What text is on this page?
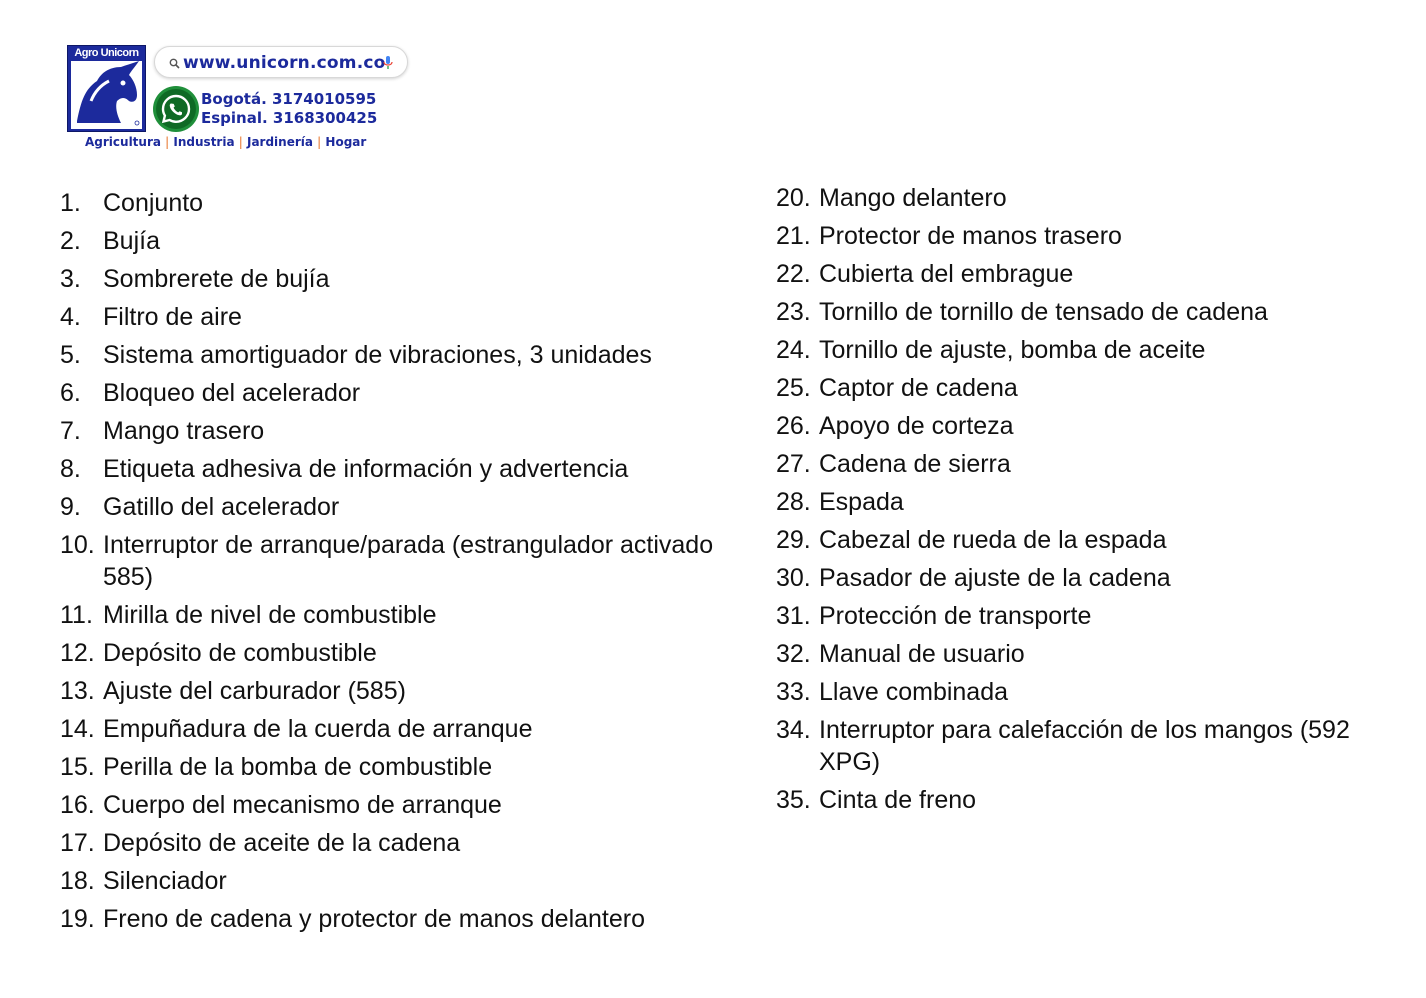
Agro Unicorn	www.unicorn.com.co
Bogotá. 3174010595
Espinal. 3168300425
Agricultura | Industria | Jardinería | Hogar
1. Conjunto
2. Bujía
3. Sombrerete de bujía
4. Filtro de aire
5. Sistema amortiguador de vibraciones, 3 unidades
6. Bloqueo del acelerador
7. Mango trasero
8. Etiqueta adhesiva de información y advertencia
9. Gatillo del acelerador
10. Interruptor de arranque/parada (estrangulador activado 585)
11. Mirilla de nivel de combustible
12. Depósito de combustible
13. Ajuste del carburador (585)
14. Empuñadura de la cuerda de arranque
15. Perilla de la bomba de combustible
16. Cuerpo del mecanismo de arranque
17. Depósito de aceite de la cadena
18. Silenciador
19. Freno de cadena y protector de manos delantero
20. Mango delantero
21. Protector de manos trasero
22. Cubierta del embrague
23. Tornillo de tornillo de tensado de cadena
24. Tornillo de ajuste, bomba de aceite
25. Captor de cadena
26. Apoyo de corteza
27. Cadena de sierra
28. Espada
29. Cabezal de rueda de la espada
30. Pasador de ajuste de la cadena
31. Protección de transporte
32. Manual de usuario
33. Llave combinada
34. Interruptor para calefacción de los mangos (592 XPG)
35. Cinta de freno
